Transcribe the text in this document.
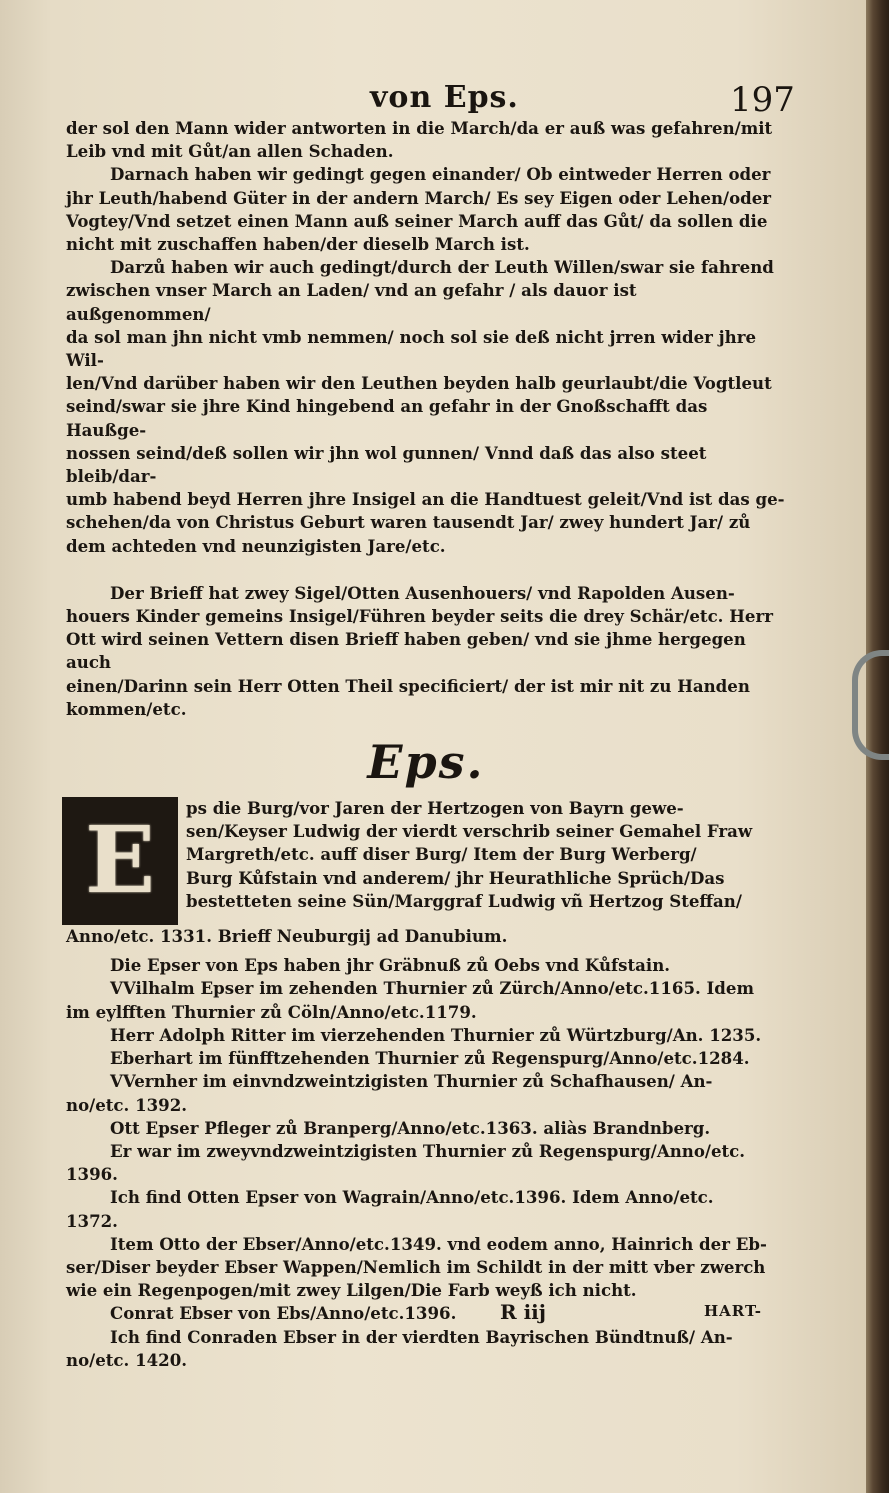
von Eps.	197

der sol den Mann wider antworten in die March/da er auß was gefahren/mit

Leib vnd mit Gůt/an allen Schaden.

Darnach haben wir gedingt gegen einander/ Ob eintweder Herren oder

jhr Leuth/habend Güter in der andern March/ Es sey Eigen oder Lehen/oder

Vogtey/Vnd setzet einen Mann auß seiner March auff das Gůt/ da sollen die

nicht mit zuschaffen haben/der dieselb March ist.

Darzů haben wir auch gedingt/durch der Leuth Willen/swar sie fahrend

zwischen vnser March an Laden/ vnd an gefahr / als dauor ist außgenommen/

da sol man jhn nicht vmb nemmen/ noch sol sie deß nicht jrren wider jhre Wil-

len/Vnd darüber haben wir den Leuthen beyden halb geurlaubt/die Vogtleut

seind/swar sie jhre Kind hingebend an gefahr in der Gnoßschafft das Haußge-

nossen seind/deß sollen wir jhn wol gunnen/ Vnnd daß das also steet bleib/dar-

umb habend beyd Herren jhre Insigel an die Handtuest geleit/Vnd ist das ge-

schehen/da von Christus Geburt waren tausendt Jar/ zwey hundert Jar/ zů

dem achteden vnd neunzigisten Jare/etc.

Der Brieff hat zwey Sigel/Otten Ausenhouers/ vnd Rapolden Ausen-

houers Kinder gemeins Insigel/Führen beyder seits die drey Schär/etc. Herr

Ott wird seinen Vettern disen Brieff haben geben/ vnd sie jhme hergegen auch

einen/Darinn sein Herr Otten Theil specificiert/ der ist mir nit zu Handen

kommen/etc.

Eps.
E	ps die Burg/vor Jaren der Hertzogen von Bayrn gewe-

sen/Keyser Ludwig der vierdt verschrib seiner Gemahel Fraw

Margreth/etc. auff diser Burg/ Item der Burg Werberg/

Burg Kůfstain vnd anderem/ jhr Heurathliche Sprüch/Das

bestetteten seine Sün/Marggraf Ludwig vñ Hertzog Steffan/

Anno/etc. 1331. Brieff Neuburgij ad Danubium.

Die Epser von Eps haben jhr Gräbnuß zů Oebs vnd Kůfstain.

VVilhalm Epser im zehenden Thurnier zů Zürch/Anno/etc.1165. Idem

im eylfften Thurnier zů Cöln/Anno/etc.1179.

Herr Adolph Ritter im vierzehenden Thurnier zů Würtzburg/An. 1235.

Eberhart im fünfftzehenden Thurnier zů Regenspurg/Anno/etc.1284.

VVernher im einvndzweintzigisten Thurnier zů Schafhausen/ An-

no/etc. 1392.

Ott Epser Pfleger zů Branperg/Anno/etc.1363. aliàs Brandnberg.

Er war im zweyvndzweintzigisten Thurnier zů Regenspurg/Anno/etc.

1396.

Ich find Otten Epser von Wagrain/Anno/etc.1396. Idem Anno/etc.

1372.

Item Otto der Ebser/Anno/etc.1349. vnd eodem anno, Hainrich der Eb-

ser/Diser beyder Ebser Wappen/Nemlich im Schildt in der mitt vber zwerch

wie ein Regenpogen/mit zwey Lilgen/Die Farb weyß ich nicht.

Conrat Ebser von Ebs/Anno/etc.1396.

Ich find Conraden Ebser in der vierdten Bayrischen Bündtnuß/ An-

no/etc. 1420.

R iij	HART-
